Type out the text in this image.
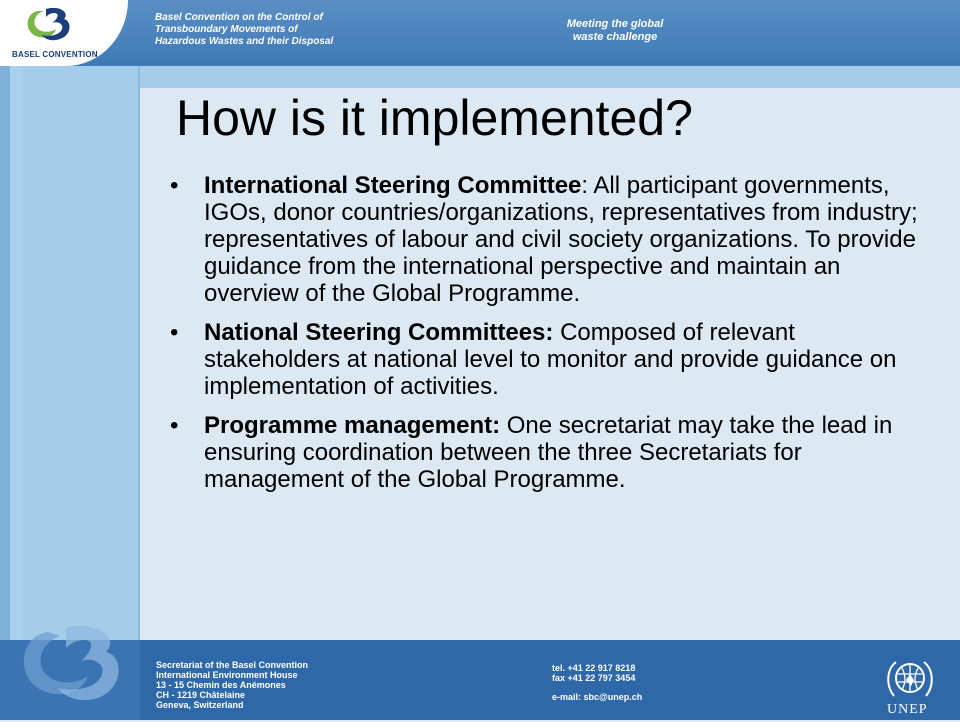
BASEL CONVENTION
Basel Convention on the Control of
Transboundary Movements of
Hazardous Wastes and their Disposal
Meeting the global
waste challenge
How is it implemented?
• International Steering Committee: All participant governments, IGOs, donor countries/organizations, representatives from industry; representatives of labour and civil society organizations. To provide guidance from the international perspective and maintain an overview of the Global Programme.
• National Steering Committees: Composed of relevant stakeholders at national level to monitor and provide guidance on implementation of activities.
• Programme management: One secretariat may take the lead in ensuring coordination between the three Secretariats for management of the Global Programme.
Secretariat of the Basel Convention
International Environment House
13 - 15 Chemin des Anémones
CH - 1219 Châtelaine
Geneva, Switzerland
tel. +41 22 917 8218
fax +41 22 797 3454
e-mail: sbc@unep.ch
UNEP
